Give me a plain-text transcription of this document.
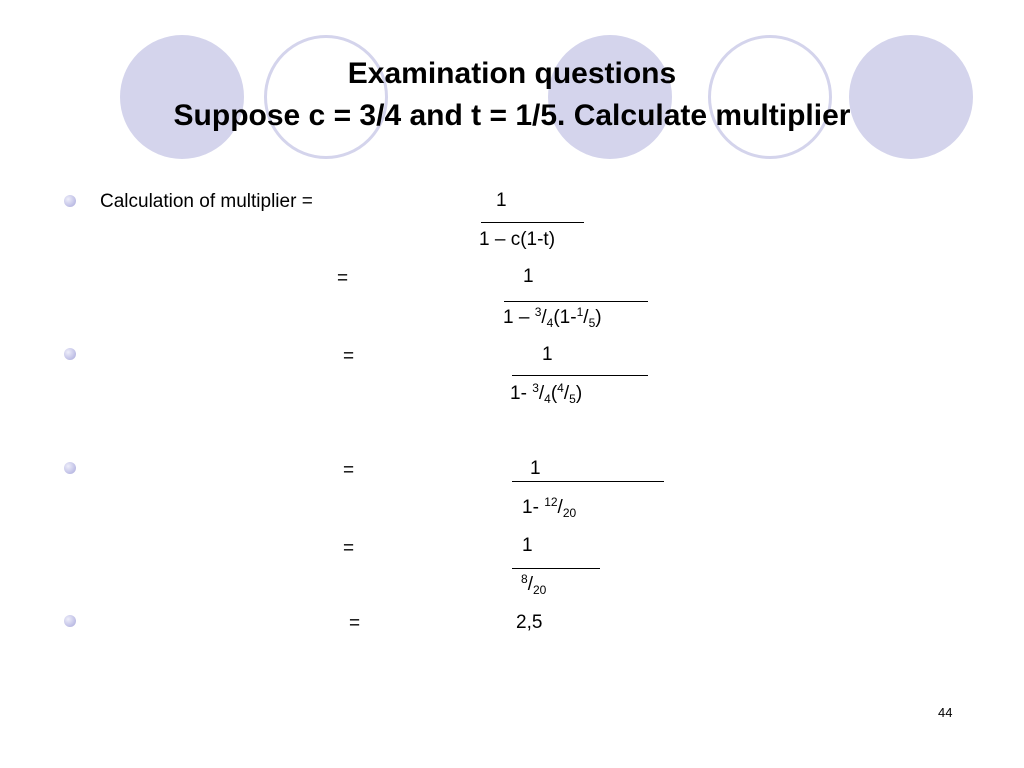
Examination questions
Suppose c = 3/4 and t = 1/5. Calculate multiplier
Calculation of multiplier =	1
1 – c(1-t)
=	1
$1 - ^3/_4(1-^1/_5)$
=	1
1- $^3/_4(^4/_5)$
=	1
1- $^{12}/_{20}$
=	1
$^8/_{20}$
=	2,5
44
